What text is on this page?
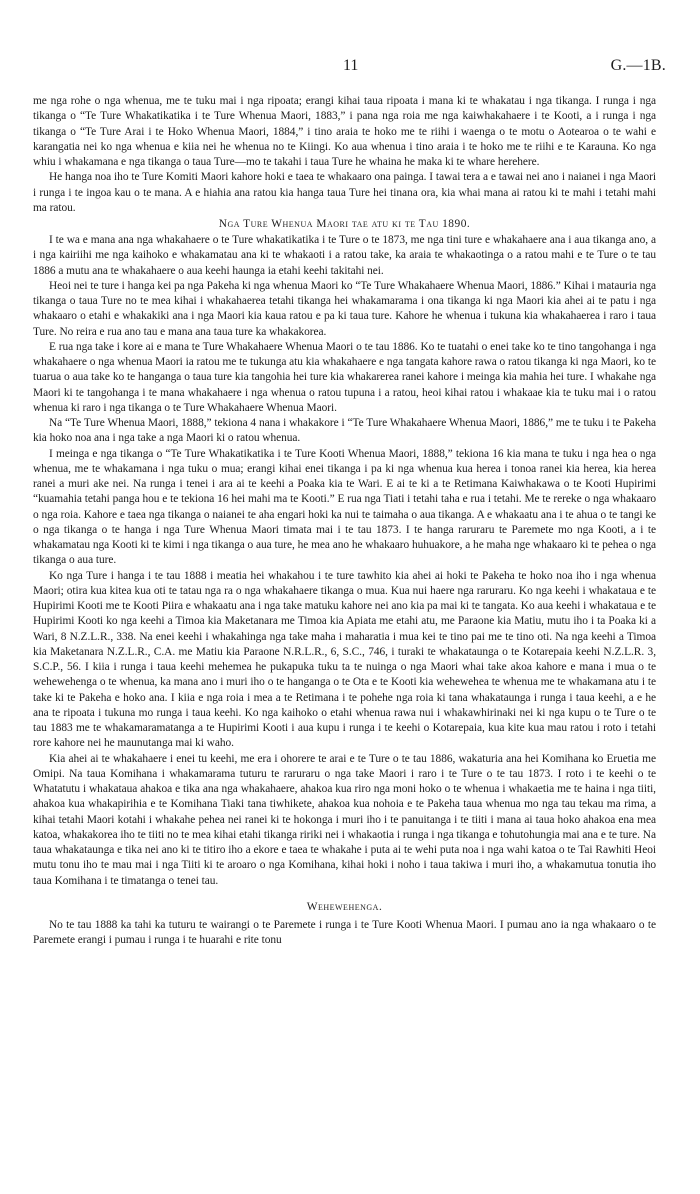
11	G.—1B.

me nga rohe o nga whenua, me te tuku mai i nga ripoata; erangi kihai taua ripoata i mana ki te whakatau i nga tikanga. I runga i nga tikanga o “Te Ture Whakatikatika i te Ture Whenua Maori, 1883,” i pana nga roia me nga kaiwhakahaere i te Kooti, a i runga i nga tikanga o “Te Ture Arai i te Hoko Whenua Maori, 1884,” i tino araia te hoko me te riihi i waenga o te motu o Aotearoa o te wahi e karangatia nei ko nga whenua e kiia nei he whenua no te Kiingi. Ko aua whenua i tino araia i te hoko me te riihi e te Karauna. Ko nga whiu i whakamana e nga tikanga o taua Ture—mo te takahi i taua Ture he whaina he maka ki te whare herehere.

He hanga noa iho te Ture Komiti Maori kahore hoki e taea te whakaaro ona painga. I tawai tera a e tawai nei ano i naianei i nga Maori i runga i te ingoa kau o te mana. A e hiahia ana ratou kia hanga taua Ture hei tinana ora, kia whai mana ai ratou ki te mahi i tetahi mahi ma ratou.

Nga Ture Whenua Maori tae atu ki te Tau 1890.

I te wa e mana ana nga whakahaere o te Ture whakatikatika i te Ture o te 1873, me nga tini ture e whakahaere ana i aua tikanga ano, a i nga kairiihi me nga kaihoko e whakamatau ana ki te whakaoti i a ratou take, ka araia te whakaotinga o a ratou mahi e te Ture o te tau 1886 a mutu ana te whakahaere o aua keehi haunga ia etahi keehi takitahi nei.

Heoi nei te ture i hanga kei pa nga Pakeha ki nga whenua Maori ko “Te Ture Whakahaere Whenua Maori, 1886.” Kihai i matauria nga tikanga o taua Ture no te mea kihai i whakahaerea tetahi tikanga hei whakamarama i ona tikanga ki nga Maori kia ahei ai te patu i nga whakaaro o etahi e whakakiki ana i nga Maori kia kaua ratou e pa ki taua ture. Kahore he whenua i tukuna kia whakahaerea i raro i taua Ture. No reira e rua ano tau e mana ana taua ture ka whakakorea.

E rua nga take i kore ai e mana te Ture Whakahaere Whenua Maori o te tau 1886. Ko te tuatahi o enei take ko te tino tangohanga i nga whakahaere o nga whenua Maori ia ratou me te tukunga atu kia whakahaere e nga tangata kahore rawa o ratou tikanga ki nga Maori, ko te tuarua o aua take ko te hanganga o taua ture kia tangohia hei ture kia whakarerea ranei kahore i meinga kia mahia hei ture. I whakahe nga Maori ki te tangohanga i te mana whakahaere i nga whenua o ratou tupuna i a ratou, heoi kihai ratou i whakaae kia te tuku mai i o ratou whenua ki raro i nga tikanga o te Ture Whakahaere Whenua Maori.

Na “Te Ture Whenua Maori, 1888,” tekiona 4 nana i whakakore i “Te Ture Whakahaere Whenua Maori, 1886,” me te tuku i te Pakeha kia hoko noa ana i nga take a nga Maori ki o ratou whenua.

I meinga e nga tikanga o “Te Ture Whakatikatika i te Ture Kooti Whenua Maori, 1888,” tekiona 16 kia mana te tuku i nga hea o nga whenua, me te whakamana i nga tuku o mua; erangi kihai enei tikanga i pa ki nga whenua kua herea i tonoa ranei kia herea, kia herea ranei a muri ake nei. Na runga i tenei i ara ai te keehi a Poaka kia te Wari. E ai te ki a te Retimana Kaiwhakawa o te Kooti Hupirimi “kuamahia tetahi panga hou e te tekiona 16 hei mahi ma te Kooti.” E rua nga Tiati i tetahi taha e rua i tetahi. Me te rereke o nga whakaaro o nga roia. Kahore e taea nga tikanga o naianei te aha engari hoki ka nui te taimaha o aua tikanga. A e whakaatu ana i te ahua o te tangi ke o nga tikanga o te hanga i nga Ture Whenua Maori timata mai i te tau 1873. I te hanga raruraru te Paremete mo nga Kooti, a i te whakamatau nga Kooti ki te kimi i nga tikanga o aua ture, he mea ano he whakaaro huhuakore, a he maha nge whakaaro ki te pehea o nga tikanga o aua ture.

Ko nga Ture i hanga i te tau 1888 i meatia hei whakahou i te ture tawhito kia ahei ai hoki te Pakeha te hoko noa iho i nga whenua Maori; otira kua kitea kua oti te tatau nga ra o nga whakahaere tikanga o mua. Kua nui haere nga raruraru. Ko nga keehi i whakataua e te Hupirimi Kooti me te Kooti Piira e whakaatu ana i nga take matuku kahore nei ano kia pa mai ki te tangata. Ko aua keehi i whakataua e te Hupirimi Kooti ko nga keehi a Timoa kia Maketanara me Timoa kia Apiata me etahi atu, me Paraone kia Matiu, mutu iho i ta Poaka ki a Wari, 8 N.Z.L.R., 338. Na enei keehi i whakahinga nga take maha i maharatia i mua kei te tino pai me te tino oti. Na nga keehi a Timoa kia Maketanara N.Z.L.R., C.A. me Matiu kia Paraone N.R.L.R., 6, S.C., 746, i turaki te whakataunga o te Kotarepaia keehi N.Z.L.R. 3, S.C.P., 56. I kiia i runga i taua keehi mehemea he pukapuka tuku ta te nuinga o nga Maori whai take akoa kahore e mana i mua o te wehewehenga o te whenua, ka mana ano i muri iho o te hanganga o te Ota e te Kooti kia wehewehea te whenua me te whakamana atu i te take ki te Pakeha e hoko ana. I kiia e nga roia i mea a te Retimana i te pohehe nga roia ki tana whakataunga i runga i taua keehi, a e he ana te ripoata i tukuna mo runga i taua keehi. Ko nga kaihoko o etahi whenua rawa nui i whakawhirinaki nei ki nga kupu o te Ture o te tau 1883 me te whakamaramatanga a te Hupirimi Kooti i aua kupu i runga i te keehi o Kotarepaia, kua kite kua mau ratou i roto i tetahi rore kahore nei he maunutanga mai ki waho.

Kia ahei ai te whakahaere i enei tu keehi, me era i ohorere te arai e te Ture o te tau 1886, wakaturia ana hei Komihana ko Eruetia me Omipi. Na taua Komihana i whakamarama tuturu te raruraru o nga take Maori i raro i te Ture o te tau 1873. I roto i te keehi o te Whatatutu i whakataua ahakoa e tika ana nga whakahaere, ahakoa kua riro nga moni hoko o te whenua i whakaetia me te haina i nga tiiti, ahakoa kua whakapirihia e te Komihana Tiaki tana tiwhikete, ahakoa kua nohoia e te Pakeha taua whenua mo nga tau tekau ma rima, a kihai tetahi Maori kotahi i whakahe pehea nei ranei ki te hokonga i muri iho i te panuitanga i te tiiti i mana ai taua hoko ahakoa ena mea katoa, whakakorea iho te tiiti no te mea kihai etahi tikanga ririki nei i whakaotia i runga i nga tikanga e tohutohungia mai ana e te ture. Na taua whakataunga e tika nei ano ki te titiro iho a ekore e taea te whakahe i puta ai te wehi puta noa i nga wahi katoa o te Tai Rawhiti Heoi mutu tonu iho te mau mai i nga Tiiti ki te aroaro o nga Komihana, kihai hoki i noho i taua takiwa i muri iho, a whakamutua tonutia iho taua Komihana i te timatanga o tenei tau.

Wehewehenga.

No te tau 1888 ka tahi ka tuturu te wairangi o te Paremete i runga i te Ture Kooti Whenua Maori. I pumau ano ia nga whakaaro o te Paremete erangi i pumau i runga i te huarahi e rite tonu
